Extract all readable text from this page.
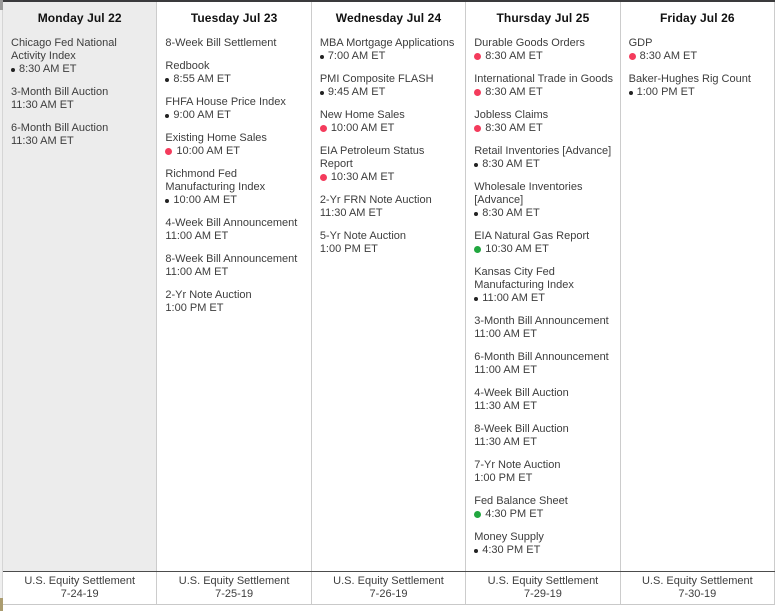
Monday Jul 22
Chicago Fed National Activity Index
8:30 AM ET
3-Month Bill Auction
11:30 AM ET
6-Month Bill Auction
11:30 AM ET
Tuesday Jul 23
8-Week Bill Settlement
Redbook
8:55 AM ET
FHFA House Price Index
9:00 AM ET
Existing Home Sales
10:00 AM ET
Richmond Fed Manufacturing Index
10:00 AM ET
4-Week Bill Announcement
11:00 AM ET
8-Week Bill Announcement
11:00 AM ET
2-Yr Note Auction
1:00 PM ET
Wednesday Jul 24
MBA Mortgage Applications
7:00 AM ET
PMI Composite FLASH
9:45 AM ET
New Home Sales
10:00 AM ET
EIA Petroleum Status Report
10:30 AM ET
2-Yr FRN Note Auction
11:30 AM ET
5-Yr Note Auction
1:00 PM ET
Thursday Jul 25
Durable Goods Orders
8:30 AM ET
International Trade in Goods
8:30 AM ET
Jobless Claims
8:30 AM ET
Retail Inventories [Advance]
8:30 AM ET
Wholesale Inventories [Advance]
8:30 AM ET
EIA Natural Gas Report
10:30 AM ET
Kansas City Fed Manufacturing Index
11:00 AM ET
3-Month Bill Announcement
11:00 AM ET
6-Month Bill Announcement
11:00 AM ET
4-Week Bill Auction
11:30 AM ET
8-Week Bill Auction
11:30 AM ET
7-Yr Note Auction
1:00 PM ET
Fed Balance Sheet
4:30 PM ET
Money Supply
4:30 PM ET
Friday Jul 26
GDP
8:30 AM ET
Baker-Hughes Rig Count
1:00 PM ET
U.S. Equity Settlement
7-24-19
U.S. Equity Settlement
7-25-19
U.S. Equity Settlement
7-26-19
U.S. Equity Settlement
7-29-19
U.S. Equity Settlement
7-30-19
